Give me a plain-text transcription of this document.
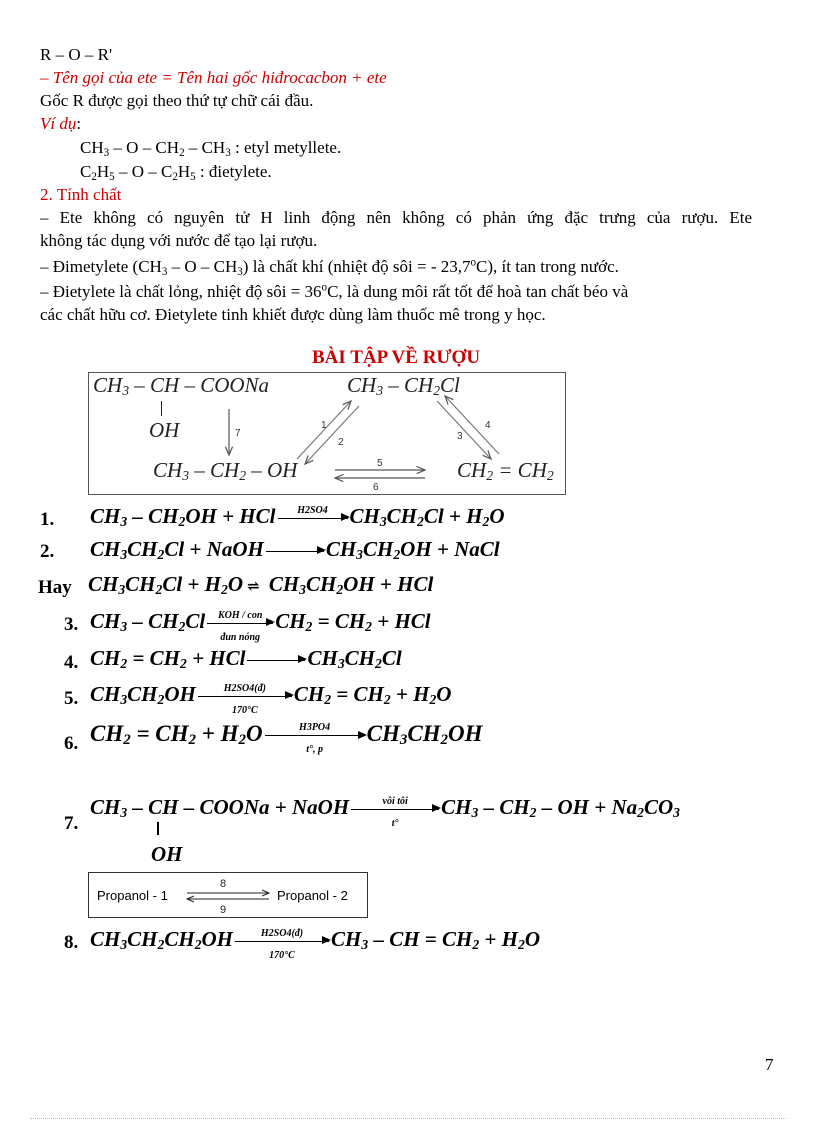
R – O – R'
– Tên gọi của ete = Tên hai gốc hiđrocacbon + ete
Gốc R được gọi theo thứ tự chữ cái đầu.
Ví dụ:
$CH_3$ – O – $CH_2 - CH_3$ : etyl metyllete.
$C_2H_5$ – O – $C_2H_5$ : đietylete.
2. Tính chất
– Ete không có nguyên tử H linh động nên không có phản ứng đặc trưng của rượu. Ete
không tác dụng với nước để tạo lại rượu.
– Đimetylete ($CH_3$ – O – $CH_3$) là chất khí (nhiệt độ sôi = - 23,7$^o$C), ít tan trong nước.
– Đietylete là chất lỏng, nhiệt độ sôi = $36^oC$, là dung môi rất tốt để hoà tan chất béo và
các chất hữu cơ. Đietylete tinh khiết được dùng làm thuốc mê trong y học.
BÀI TẬP VỀ RƯỢU
$CH_3$ – CH – COONa
OH
$CH_3 - CH_2Cl$
$CH_3 - CH_2$ – OH	$CH_2 = CH_2$
7
1
2
3
4
5
6
1. $CH_3 - CH_2OH$ + HCl	H2SO4	$CH_3CH_2Cl + H_2O$
2. $CH_3CH_2Cl$ + NaOH	$CH_3CH_2OH$ + NaCl
Hay $CH_3CH_2Cl + H_2O$ ⇌ $CH_3CH_2OH$ + HCl
3. $CH_3 - CH_2Cl$	KOH / con
đun nóng
$CH_2 = CH_2$ + HCl
4. $CH_2 = CH_2$ + HCl	$CH_3CH_2Cl$
5. $CH_3CH_2OH \frac{H2SO4(đ)}{170^\circ C} CH_2 = CH_2 + H_2O$
6. $CH_2 = CH_2 + H_2O \frac{H3PO4}{t^\circ, p} CH_3CH_2OH$
7.
$CH_3$ – CH – COONa + NaOH	vôi tôi
t°
$CH_3 - CH_2$ – OH + $Na_2CO_3$
OH
Propanol - 1	Propanol - 2
8
9
8. $CH_3CH_2CH_2OH \frac{H2SO4(đ)}{170^\circ C} CH_3$ – CH = $CH_2 + H_2O$
7
